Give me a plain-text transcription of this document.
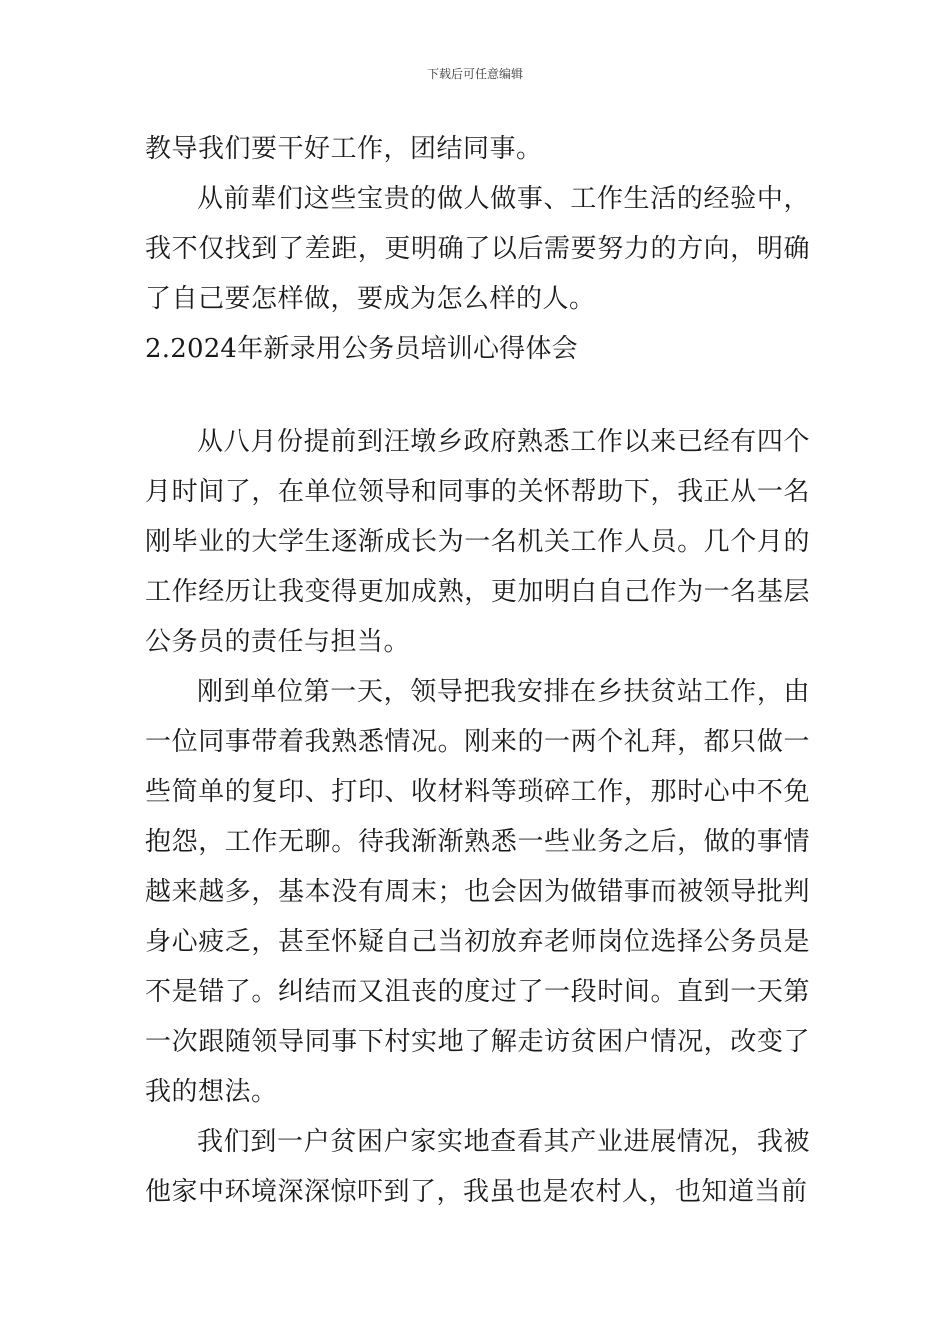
下载后可任意编辑

教导我们要干好工作，团结同事。

从前辈们这些宝贵的做人做事、工作生活的经验中，我不仅找到了差距，更明确了以后需要努力的方向，明确了自己要怎样做，要成为怎么样的人。

2.2024年新录用公务员培训心得体会

从八月份提前到汪墩乡政府熟悉工作以来已经有四个月时间了，在单位领导和同事的关怀帮助下，我正从一名刚毕业的大学生逐渐成长为一名机关工作人员。几个月的工作经历让我变得更加成熟，更加明白自己作为一名基层公务员的责任与担当。

刚到单位第一天，领导把我安排在乡扶贫站工作，由一位同事带着我熟悉情况。刚来的一两个礼拜，都只做一些简单的复印、打印、收材料等琐碎工作，那时心中不免抱怨，工作无聊。待我渐渐熟悉一些业务之后，做的事情越来越多，基本没有周末；也会因为做错事而被领导批判身心疲乏，甚至怀疑自己当初放弃老师岗位选择公务员是不是错了。纠结而又沮丧的度过了一段时间。直到一天第一次跟随领导同事下村实地了解走访贫困户情况，改变了我的想法。

我们到一户贫困户家实地查看其产业进展情况，我被他家中环境深深惊吓到了，我虽也是农村人，也知道当前
